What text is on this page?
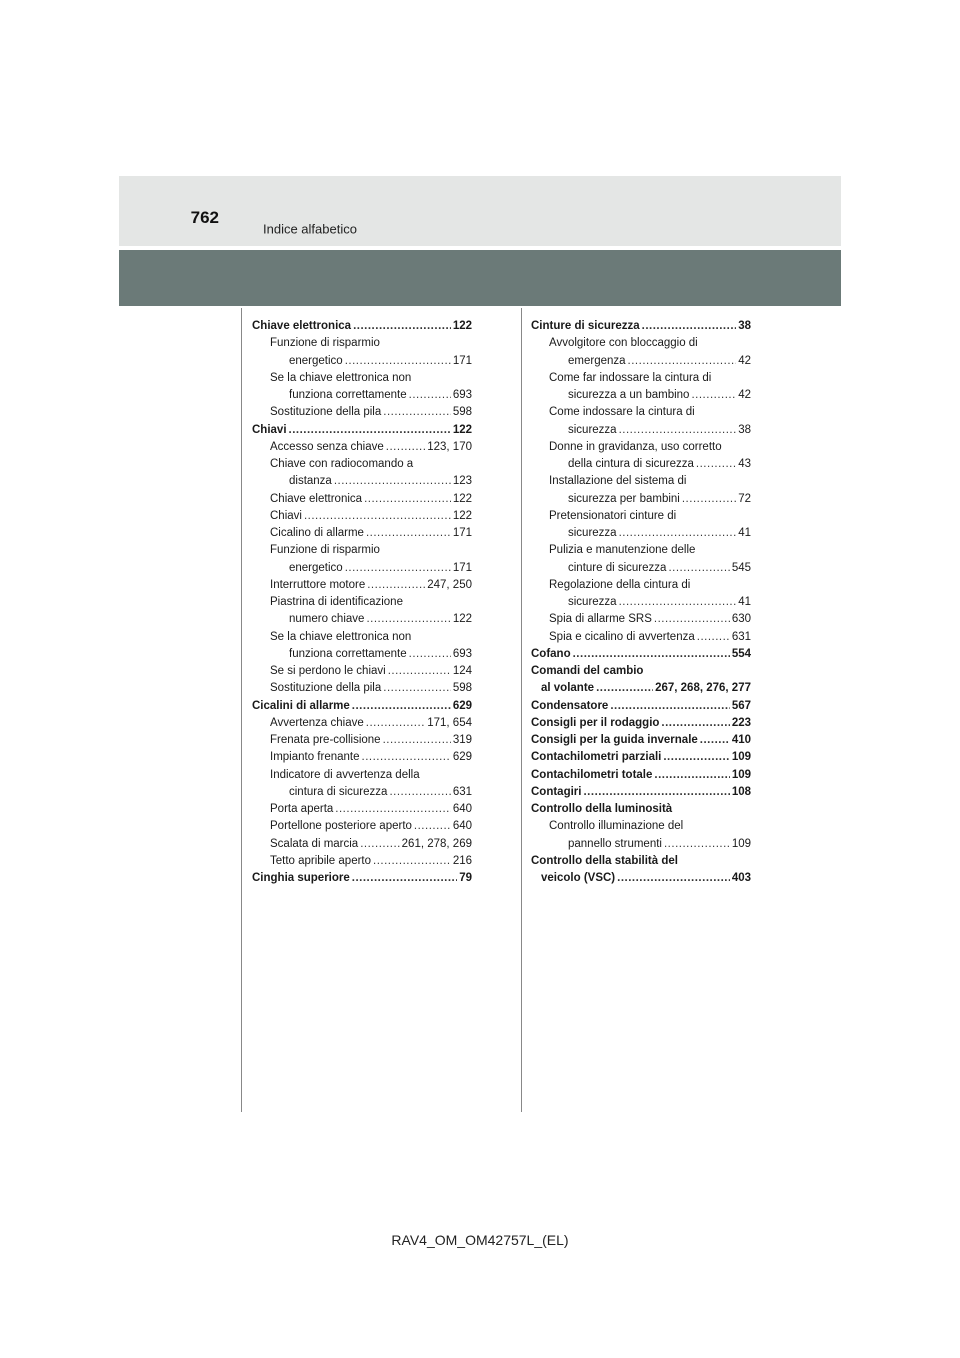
762
Indice alfabetico
Chiave elettronica .....	122
Funzione di risparmio
energetico .....	171
Se la chiave elettronica non
funziona correttamente .....	693
Sostituzione della pila .....	598
Chiavi .....	122
Accesso senza chiave .....	123, 170
Chiave con radiocomando a
distanza .....	123
Chiave elettronica .....	122
Chiavi .....	122
Cicalino di allarme .....	171
Funzione di risparmio
energetico .....	171
Interruttore motore .....	247, 250
Piastrina di identificazione
numero chiave .....	122
Se la chiave elettronica non
funziona correttamente .....	693
Se si perdono le chiavi .....	124
Sostituzione della pila .....	598
Cicalini di allarme .....	629
Avvertenza chiave .....	171, 654
Frenata pre-collisione .....	319
Impianto frenante .....	629
Indicatore di avvertenza della
cintura di sicurezza .....	631
Porta aperta .....	640
Portellone posteriore aperto .....	640
Scalata di marcia .....	261, 278, 269
Tetto apribile aperto .....	216
Cinghia superiore .....	79
Cinture di sicurezza .....	38
Avvolgitore con bloccaggio di
emergenza .....	42
Come far indossare la cintura di
sicurezza a un bambino .....	42
Come indossare la cintura di
sicurezza .....	38
Donne in gravidanza, uso corretto
della cintura di sicurezza .....	43
Installazione del sistema di
sicurezza per bambini .....	72
Pretensionatori cinture di
sicurezza .....	41
Pulizia e manutenzione delle
cinture di sicurezza .....	545
Regolazione della cintura di
sicurezza .....	41
Spia di allarme SRS .....	630
Spia e cicalino di avvertenza .....	631
Cofano .....	554
Comandi del cambio
al volante .....	267, 268, 276, 277
Condensatore .....	567
Consigli per il rodaggio .....	223
Consigli per la guida invernale .....	410
Contachilometri parziali .....	109
Contachilometri totale .....	109
Contagiri .....	108
Controllo della luminosità
Controllo illuminazione del
pannello strumenti .....	109
Controllo della stabilità del
veicolo (VSC) .....	403
RAV4_OM_OM42757L_(EL)
